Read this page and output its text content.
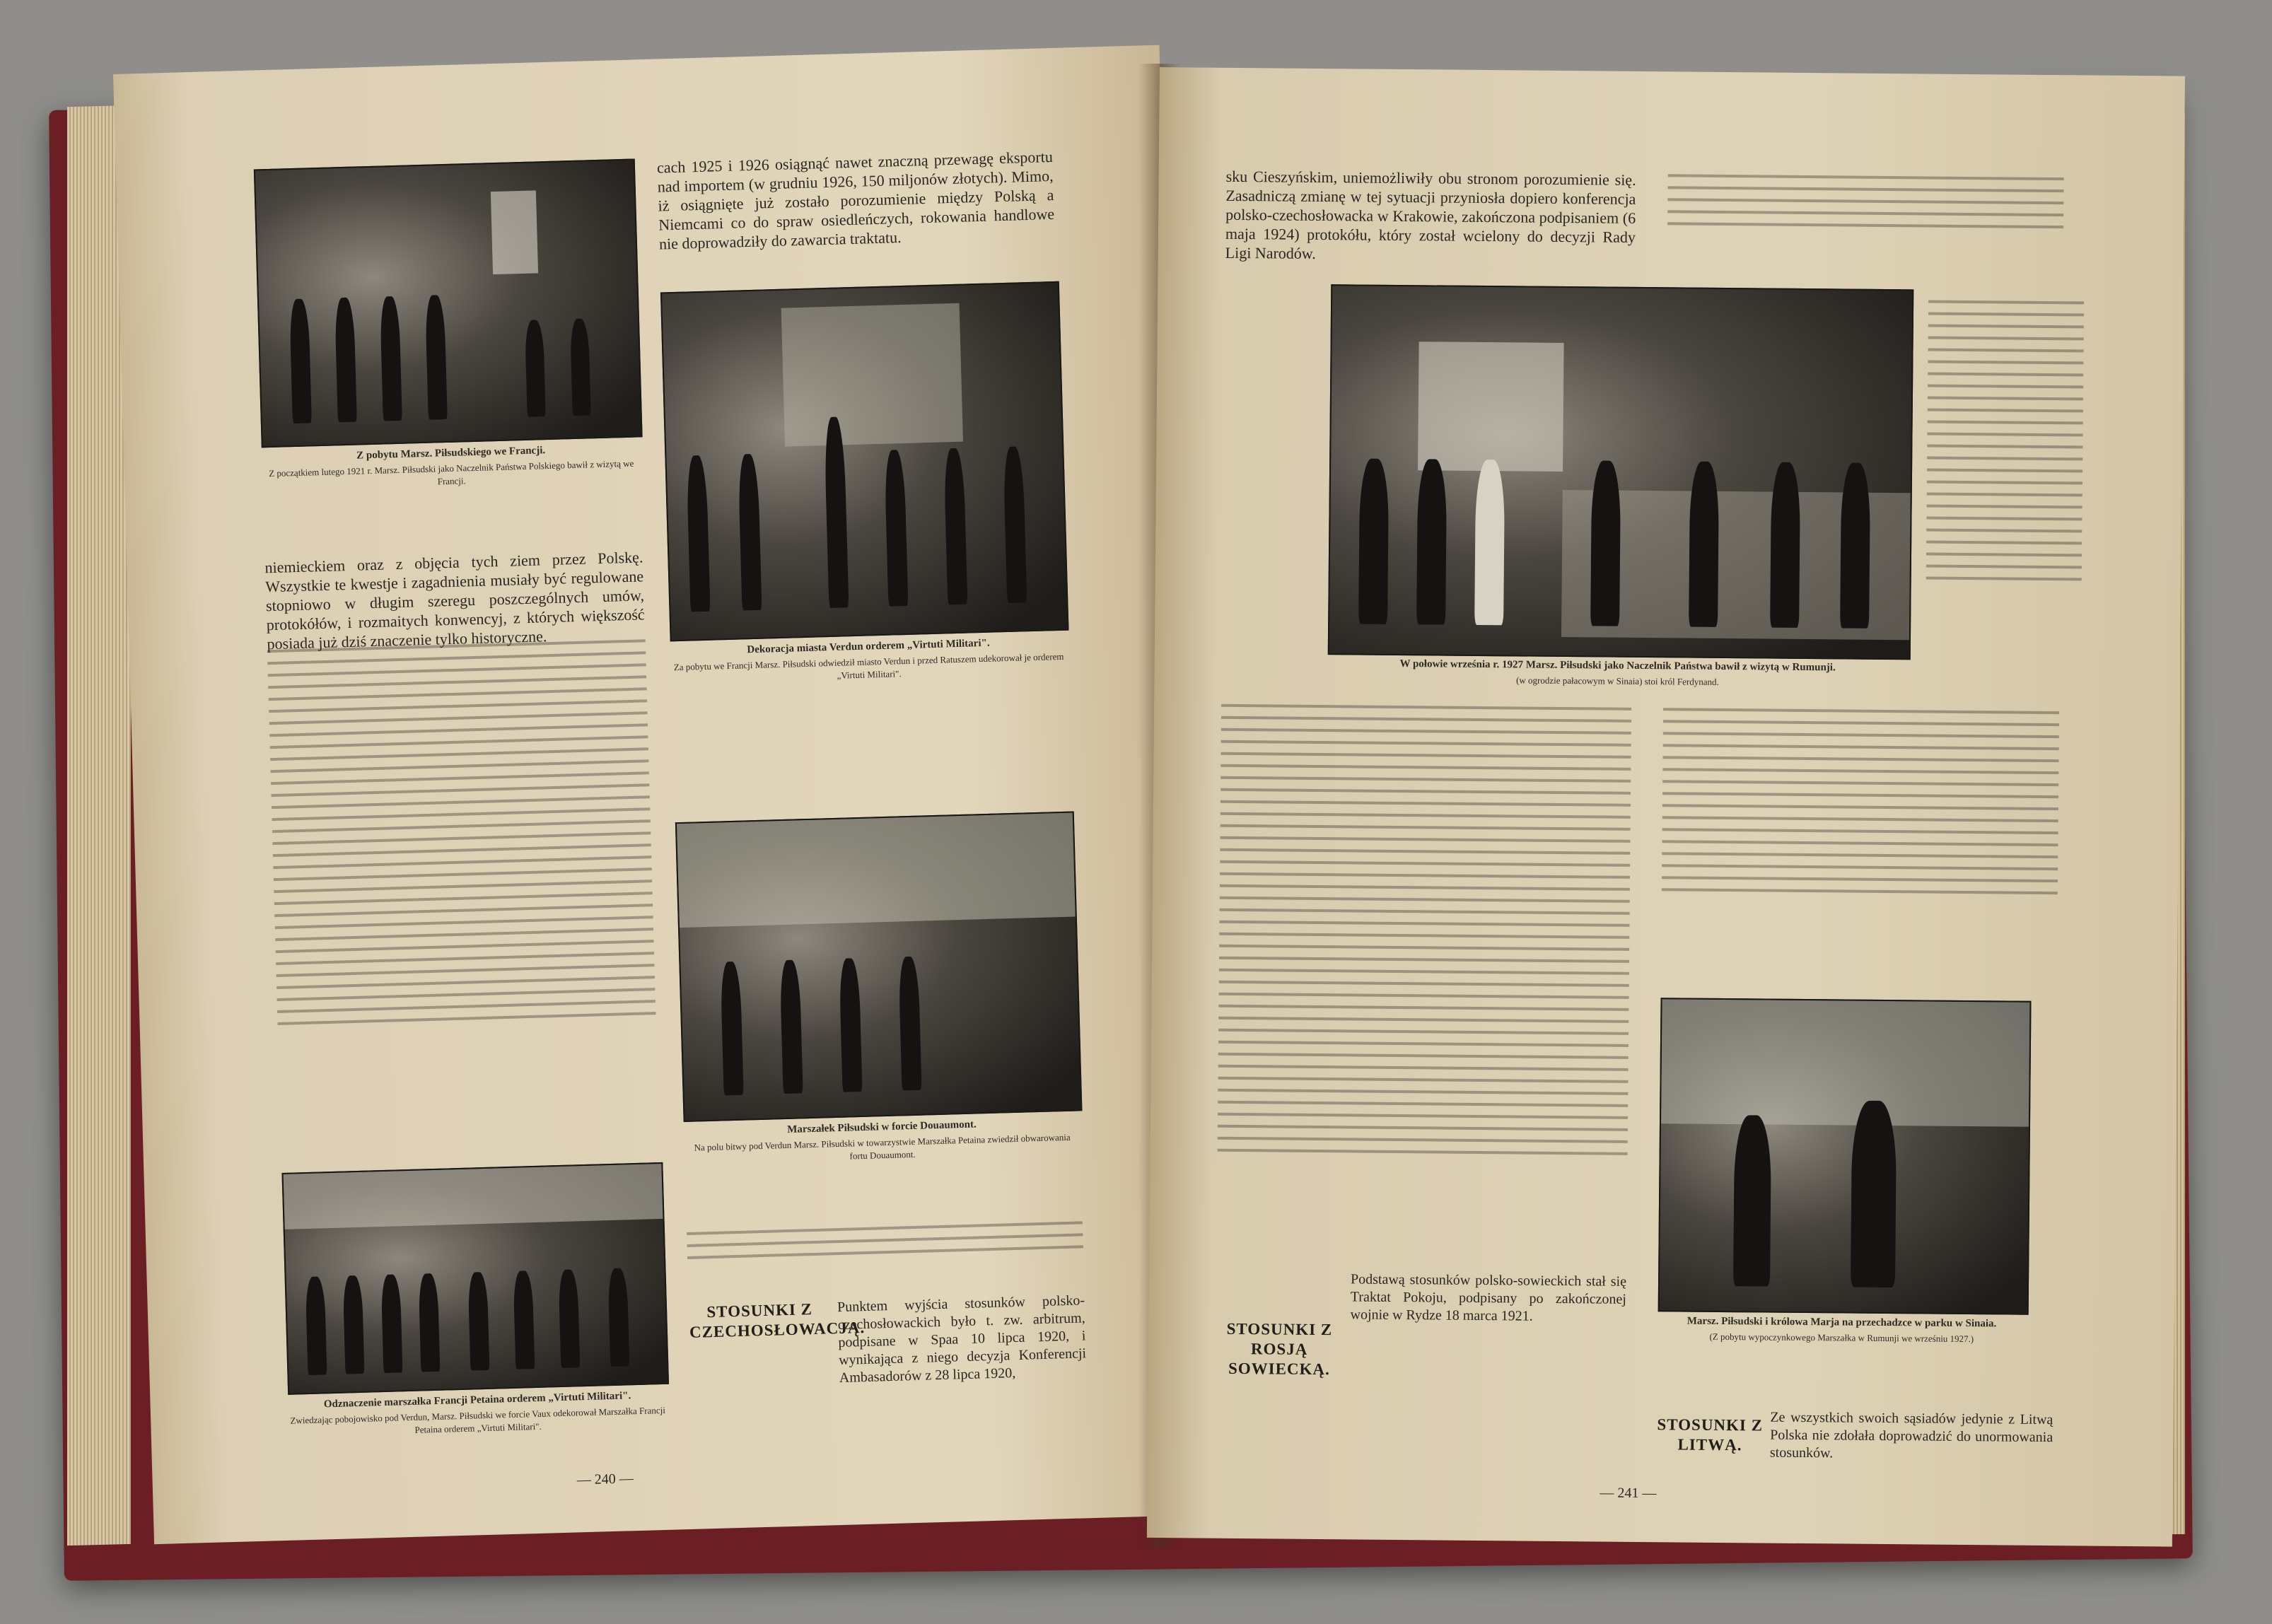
Z pobytu Marsz. Piłsudskiego we Francji.
Z początkiem lutego 1921 r. Marsz. Piłsudski jako Naczelnik Państwa Polskiego bawił z wizytą we Francji.
cach 1925 i 1926 osiągnąć nawet znaczną przewagę eksportu nad importem (w grudniu 1926, 150 miljonów złotych). Mimo, iż osiągnięte już zostało porozumienie między Polską a Niemcami co do spraw osiedleńczych, rokowania handlowe nie doprowadziły do zawarcia traktatu.
Dekoracja miasta Verdun orderem „Virtuti Militari".
Za pobytu we Francji Marsz. Piłsudski odwiedził miasto Verdun i przed Ratuszem udekorował je orderem „Virtuti Militari".
niemieckiem oraz z objęcia tych ziem przez Polskę. Wszystkie te kwestje i zagadnienia musiały być regulowane stopniowo w długim szeregu poszczególnych umów, protokółów, i rozmaitych konwencyj, z których większość posiada już dziś znaczenie tylko historyczne.
Marszałek Piłsudski w forcie Douaumont.
Na polu bitwy pod Verdun Marsz. Piłsudski w towarzystwie Marszałka Petaina zwiedził obwarowania fortu Douaumont.
Odznaczenie marszałka Francji Petaina orderem „Virtuti Militari".
Zwiedzając pobojowisko pod Verdun, Marsz. Piłsudski we forcie Vaux odekorował Marszałka Francji Petaina orderem „Virtuti Militari".
STOSUNKI Z CZECHOSŁOWACJĄ.
Punktem wyjścia stosunków polsko-czechosłowackich było t. zw. arbitrum, podpisane w Spaa 10 lipca 1920, i wynikająca z niego decyzja Konferencji Ambasadorów z 28 lipca 1920,
— 240 —
sku Cieszyńskim, uniemożliwiły obu stronom porozumienie się. Zasadniczą zmianę w tej sytuacji przyniosła dopiero konferencja polsko-czechosłowacka w Krakowie, zakończona podpisaniem (6 maja 1924) protokółu, który został wcielony do decyzji Rady Ligi Narodów.
W połowie września r. 1927 Marsz. Piłsudski jako Naczelnik Państwa bawił z wizytą w Rumunji.
(w ogrodzie pałacowym w Sinaia) stoi król Ferdynand.
Marsz. Piłsudski i królowa Marja na przechadzce w parku w Sinaia.
(Z pobytu wypoczynkowego Marszałka w Rumunji we wrześniu 1927.)
STOSUNKI Z ROSJĄ SOWIECKĄ.
Podstawą stosunków polsko-sowieckich stał się Traktat Pokoju, podpisany po zakończonej wojnie w Rydze 18 marca 1921.
STOSUNKI Z LITWĄ.
Ze wszystkich swoich sąsiadów jedynie z Litwą Polska nie zdołała doprowadzić do unormowania stosunków.
— 241 —
